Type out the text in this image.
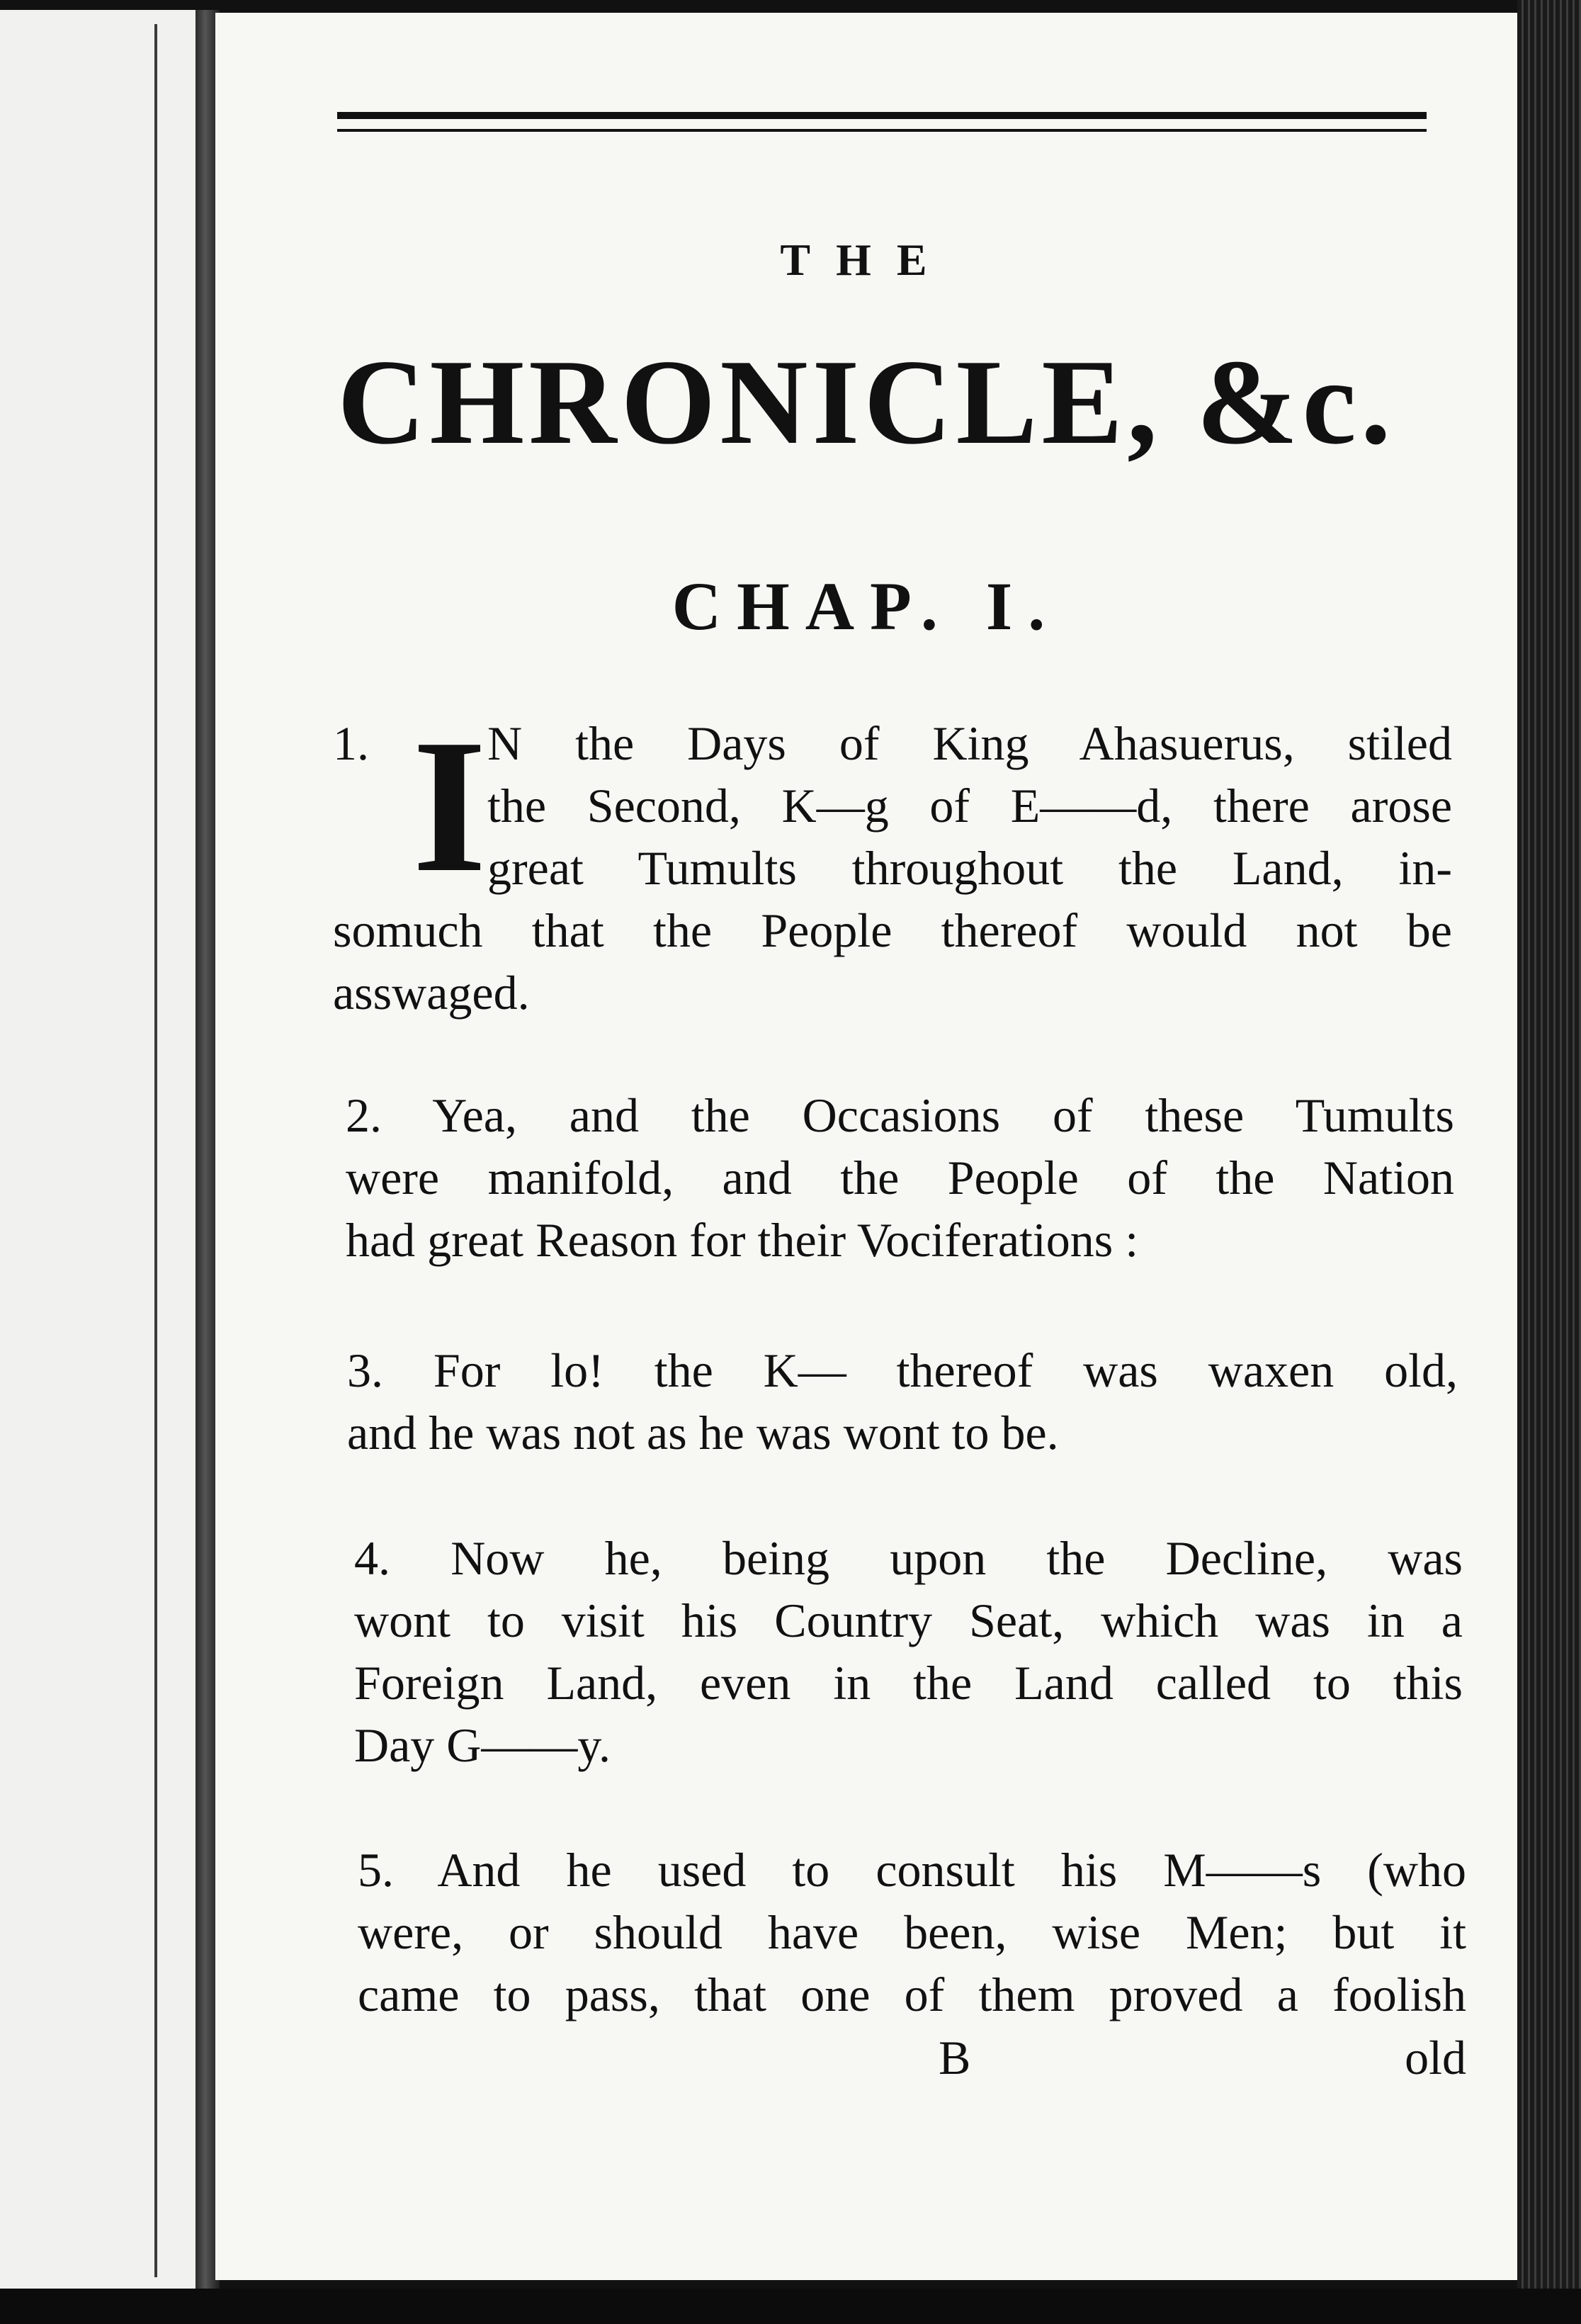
THE
CHRONICLE, &c.
CHAP. I.
1. I N the Days of King Ahasuerus, stiled
the Second, K—g of E——d, there arose
great Tumults throughout the Land, in-
somuch that the People thereof would not be
asswaged.
2. Yea, and the Occasions of these Tumults
were manifold, and the People of the Nation
had great Reason for their Vociferations :
3. For lo! the K— thereof was waxen old,
and he was not as he was wont to be.
4. Now he, being upon the Decline, was
wont to visit his Country Seat, which was in a
Foreign Land, even in the Land called to this
Day G——y.
5. And he used to consult his M——s (who
were, or should have been, wise Men; but it
came to pass, that one of them proved a foolish
B	old
